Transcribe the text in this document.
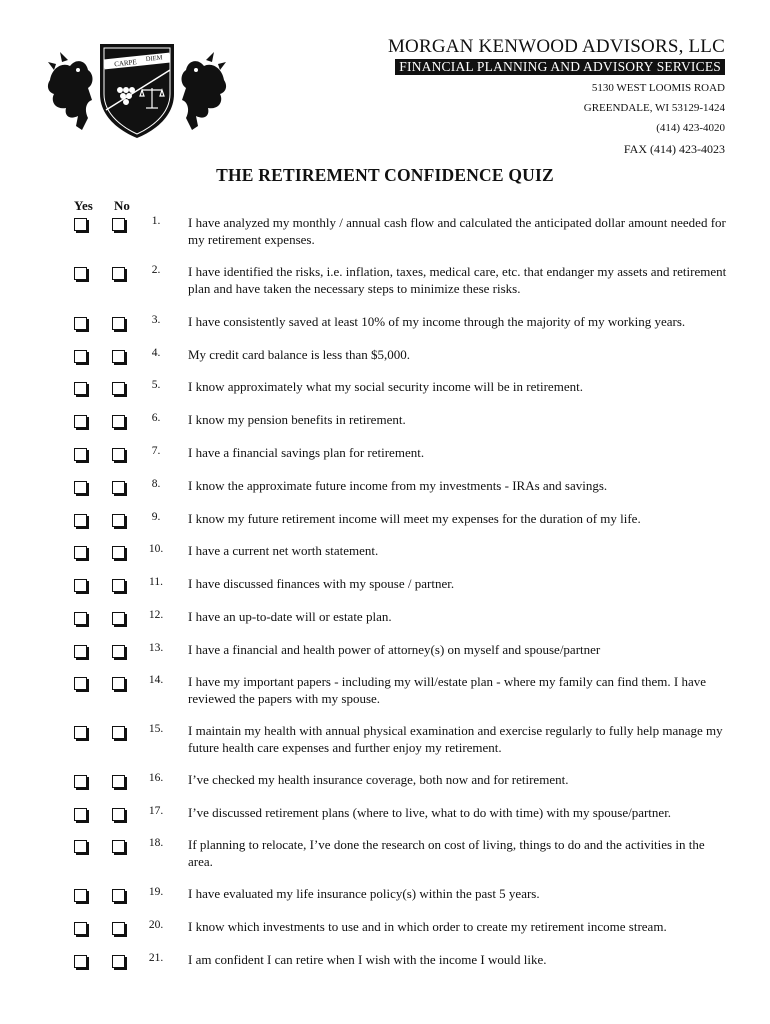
CARPE DIEM
MORGAN KENWOOD ADVISORS, LLC
FINANCIAL PLANNING AND ADVISORY SERVICES
5130 WEST LOOMIS ROAD
GREENDALE, WI 53129-1424
(414) 423-4020
FAX (414) 423-4023
THE RETIREMENT CONFIDENCE QUIZ
Yes No
1.	I have analyzed my monthly / annual cash flow and calculated the anticipated dollar amount needed for my retirement expenses.
2.	I have identified the risks, i.e. inflation, taxes, medical care, etc. that endanger my assets and retirement plan and have taken the necessary steps to minimize these risks.
3.	I have consistently saved at least 10% of my income through the majority of my working years.
4.	My credit card balance is less than $5,000.
5.	I know approximately what my social security income will be in retirement.
6.	I know my pension benefits in retirement.
7.	I have a financial savings plan for retirement.
8.	I know the approximate future income from my investments - IRAs and savings.
9.	I know my future retirement income will meet my expenses for the duration of my life.
10. I have a current net worth statement.
11.	I have discussed finances with my spouse / partner.
12. I have an up-to-date will or estate plan.
13. I have a financial and health power of attorney(s) on myself and spouse/partner
14. I have my important papers - including my will/estate plan - where my family can find them. I have reviewed the papers with my spouse.
15. I maintain my health with annual physical examination and exercise regularly to fully help manage my future health care expenses and further enjoy my retirement.
16. I’ve checked my health insurance coverage, both now and for retirement.
17. I’ve discussed retirement plans (where to live, what to do with time) with my spouse/partner.
18. If planning to relocate, I’ve done the research on cost of living, things to do and the activities in the area.
19. I have evaluated my life insurance policy(s) within the past 5 years.
20. I know which investments to use and in which order to create my retirement income stream.
21. I am confident I can retire when I wish with the income I would like.
